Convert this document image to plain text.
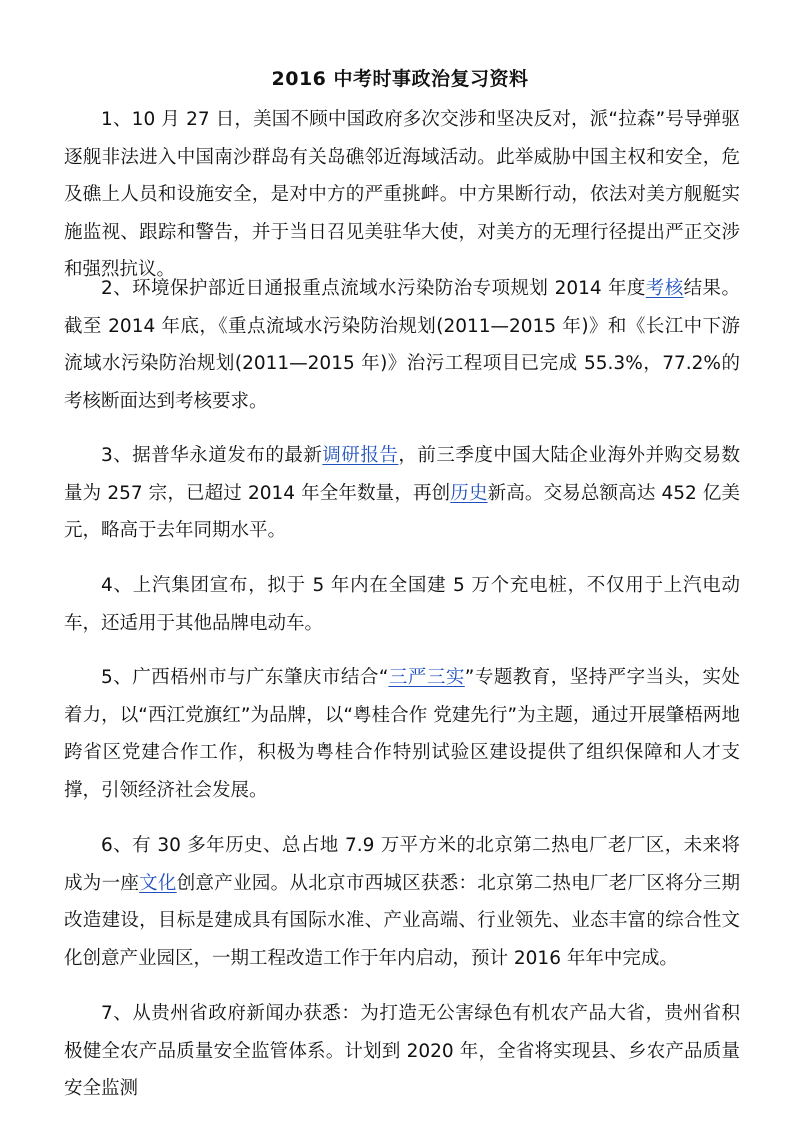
2016 中考时事政治复习资料

1、10 月 27 日，美国不顾中国政府多次交涉和坚决反对，派“拉森”号导弹驱逐舰非法进入中国南沙群岛有关岛礁邻近海域活动。此举威胁中国主权和安全，危及礁上人员和设施安全，是对中方的严重挑衅。中方果断行动，依法对美方舰艇实施监视、跟踪和警告，并于当日召见美驻华大使，对美方的无理行径提出严正交涉和强烈抗议。

2、环境保护部近日通报重点流域水污染防治专项规划 2014 年度考核结果。截至 2014 年底，《重点流域水污染防治规划(2011—2015 年)》和《长江中下游流域水污染防治规划(2011—2015 年)》治污工程项目已完成 55.3%，77.2%的考核断面达到考核要求。

3、据普华永道发布的最新调研报告，前三季度中国大陆企业海外并购交易数量为 257 宗，已超过 2014 年全年数量，再创历史新高。交易总额高达 452 亿美元，略高于去年同期水平。

4、上汽集团宣布，拟于 5 年内在全国建 5 万个充电桩，不仅用于上汽电动车，还适用于其他品牌电动车。

5、广西梧州市与广东肇庆市结合“三严三实”专题教育，坚持严字当头，实处着力，以“西江党旗红”为品牌，以“粤桂合作 党建先行”为主题，通过开展肇梧两地跨省区党建合作工作，积极为粤桂合作特别试验区建设提供了组织保障和人才支撑，引领经济社会发展。

6、有 30 多年历史、总占地 7.9 万平方米的北京第二热电厂老厂区，未来将成为一座文化创意产业园。从北京市西城区获悉：北京第二热电厂老厂区将分三期改造建设，目标是建成具有国际水准、产业高端、行业领先、业态丰富的综合性文化创意产业园区，一期工程改造工作于年内启动，预计 2016 年年中完成。

7、从贵州省政府新闻办获悉：为打造无公害绿色有机农产品大省，贵州省积极健全农产品质量安全监管体系。计划到 2020 年，全省将实现县、乡农产品质量安全监测
